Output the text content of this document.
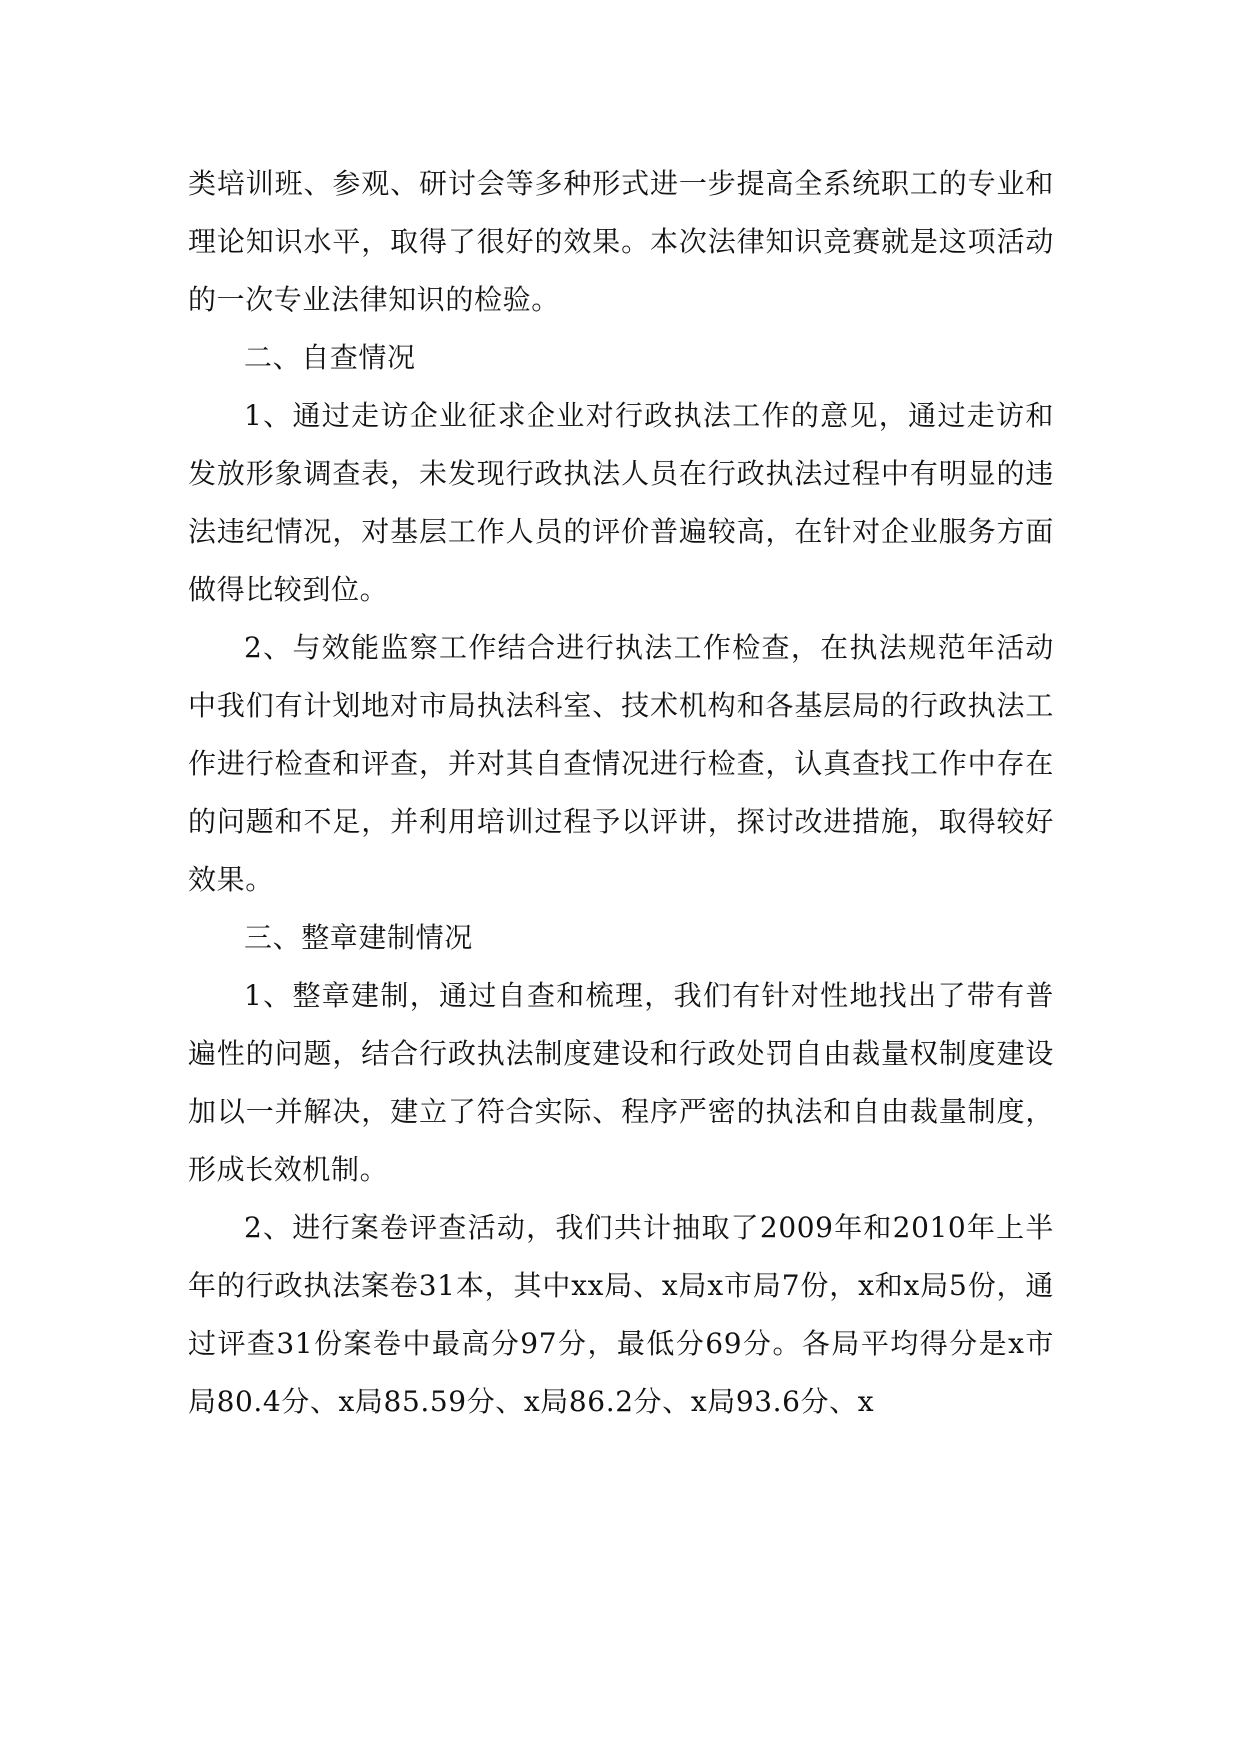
类培训班、参观、研讨会等多种形式进一步提高全系统职工的专业和理论知识水平，取得了很好的效果。本次法律知识竞赛就是这项活动的一次专业法律知识的检验。

二、自查情况

1、通过走访企业征求企业对行政执法工作的意见，通过走访和发放形象调查表，未发现行政执法人员在行政执法过程中有明显的违法违纪情况，对基层工作人员的评价普遍较高，在针对企业服务方面做得比较到位。

2、与效能监察工作结合进行执法工作检查，在执法规范年活动中我们有计划地对市局执法科室、技术机构和各基层局的行政执法工作进行检查和评查，并对其自查情况进行检查，认真查找工作中存在的问题和不足，并利用培训过程予以评讲，探讨改进措施，取得较好效果。

三、整章建制情况

1、整章建制，通过自查和梳理，我们有针对性地找出了带有普遍性的问题，结合行政执法制度建设和行政处罚自由裁量权制度建设加以一并解决，建立了符合实际、程序严密的执法和自由裁量制度，形成长效机制。

2、进行案卷评查活动，我们共计抽取了2009年和2010年上半年的行政执法案卷31本，其中xx局、x局x市局7份，x和x局5份，通过评查31份案卷中最高分97分，最低分69分。各局平均得分是x市局80.4分、x局85.59分、x局86.2分、x局93.6分、x
